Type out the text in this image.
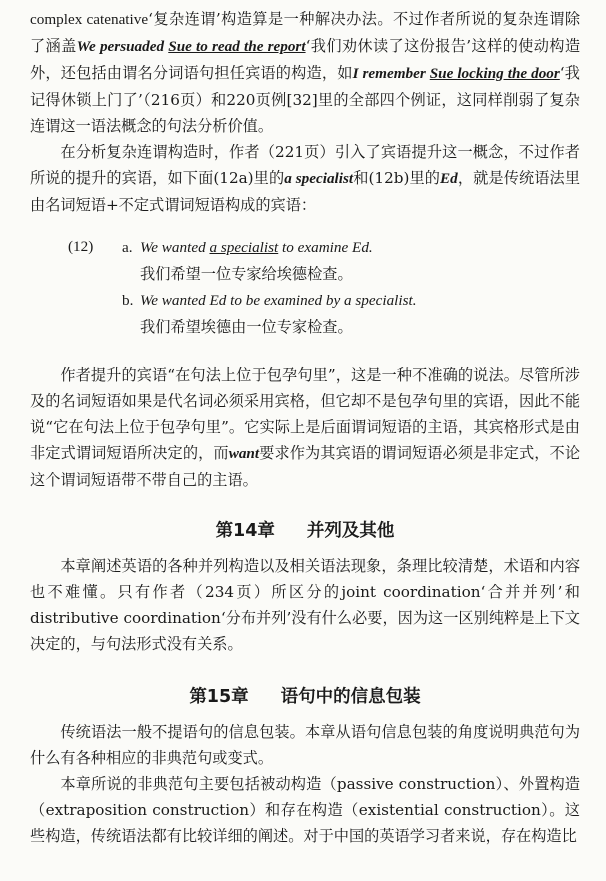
complex catenative‘复杂连谓’构造算是一种解决办法。不过作者所说的复杂连谓除了涵盖We persuaded Sue to read the report‘我们劝休读了这份报告’这样的使动构造外，还包括由谓名分词语句担任宾语的构造，如I remember Sue locking the door‘我记得休锁上门了’（216页）和220页例[32]里的全部四个例证，这同样削弱了复杂连谓这一语法概念的句法分析价值。

在分析复杂连谓构造时，作者（221页）引入了宾语提升这一概念，不过作者所说的提升的宾语，如下面(12a)里的a specialist和(12b)里的Ed，就是传统语法里由名词短语+不定式谓词短语构成的宾语：

(12)	a. We wanted a specialist to examine Ed.
我们希望一位专家给埃德检查。
b. We wanted Ed to be examined by a specialist.
我们希望埃德由一位专家检查。

作者提升的宾语“在句法上位于包孕句里”，这是一种不准确的说法。尽管所涉及的名词短语如果是代名词必须采用宾格，但它却不是包孕句里的宾语，因此不能说“它在句法上位于包孕句里”。它实际上是后面谓词短语的主语，其宾格形式是由非定式谓词短语所决定的，而want要求作为其宾语的谓词短语必须是非定式，不论这个谓词短语带不带自己的主语。

第14章 并列及其他

本章阐述英语的各种并列构造以及相关语法现象，条理比较清楚，术语和内容也不难懂。只有作者（234页）所区分的joint coordination‘合并并列’和distributive coordination‘分布并列’没有什么必要，因为这一区别纯粹是上下文决定的，与句法形式没有关系。

第15章 语句中的信息包装

传统语法一般不提语句的信息包装。本章从语句信息包装的角度说明典范句为什么有各种相应的非典范句或变式。

本章所说的非典范句主要包括被动构造（passive construction）、外置构造（extraposition construction）和存在构造（existential construction）。这些构造，传统语法都有比较详细的阐述。对于中国的英语学习者来说，存在构造比
